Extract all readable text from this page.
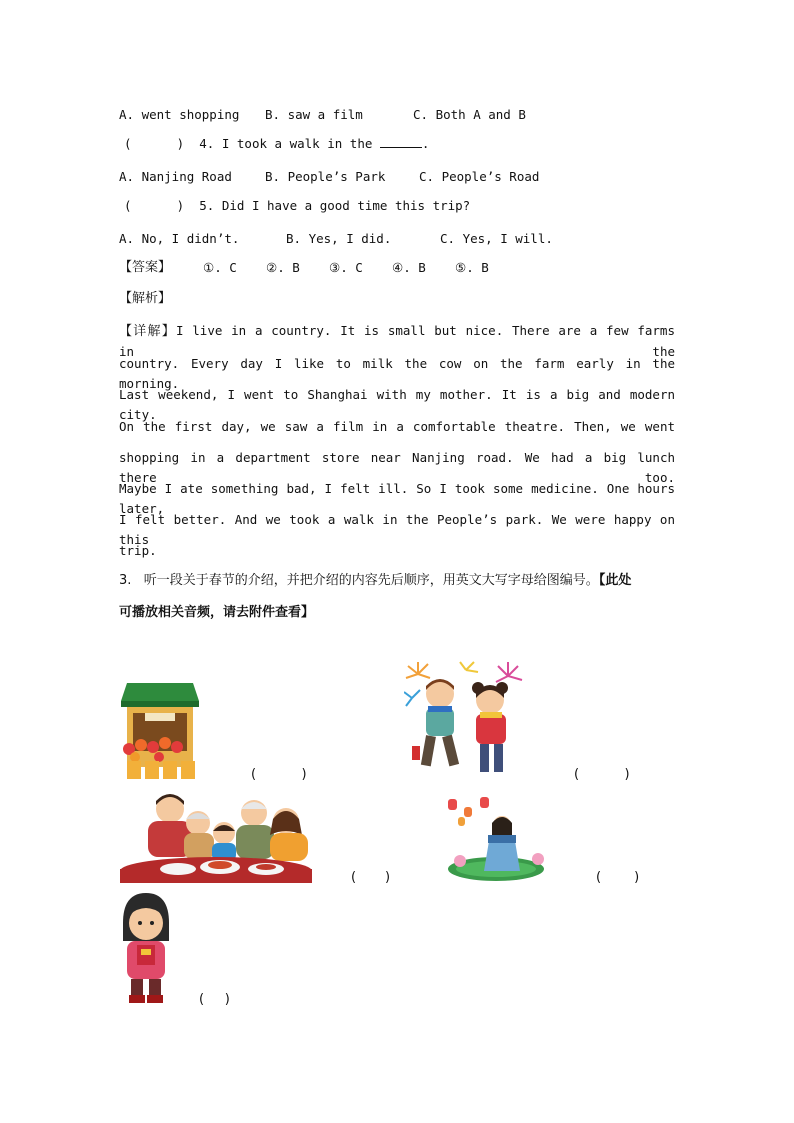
A. went shopping B. saw a film	C. Both A and B
(      ) 4. I took a walk in the	.
A. Nanjing Road	B. People’s Park	C. People’s Road
(      ) 5. Did I have a good time this trip?
A. No, I didn’t.	B. Yes, I did.	C. Yes, I will.
【答案】	①. C ②. B ③. C ④. B ⑤. B
【解析】
【详解】I live in a country. It is small but nice. There are a few farms in the
country. Every day I like to milk the cow on the farm early in the morning.
Last weekend, I went to Shanghai with my mother. It is a big and modern city.
On the first day, we saw a film in a comfortable theatre. Then, we went
shopping in a department store near Nanjing road. We had a big lunch there too.
Maybe I ate something bad, I felt ill. So I took some medicine. One hours later,
I felt better. And we took a walk in the People’s park. We were happy on this
trip.
3.   听一段关于春节的介绍，并把介绍的内容先后顺序，用英文大写字母给图编号。【此处
可播放相关音频，请去附件查看】
(           )	(           )
(       )	(        )
(     )
